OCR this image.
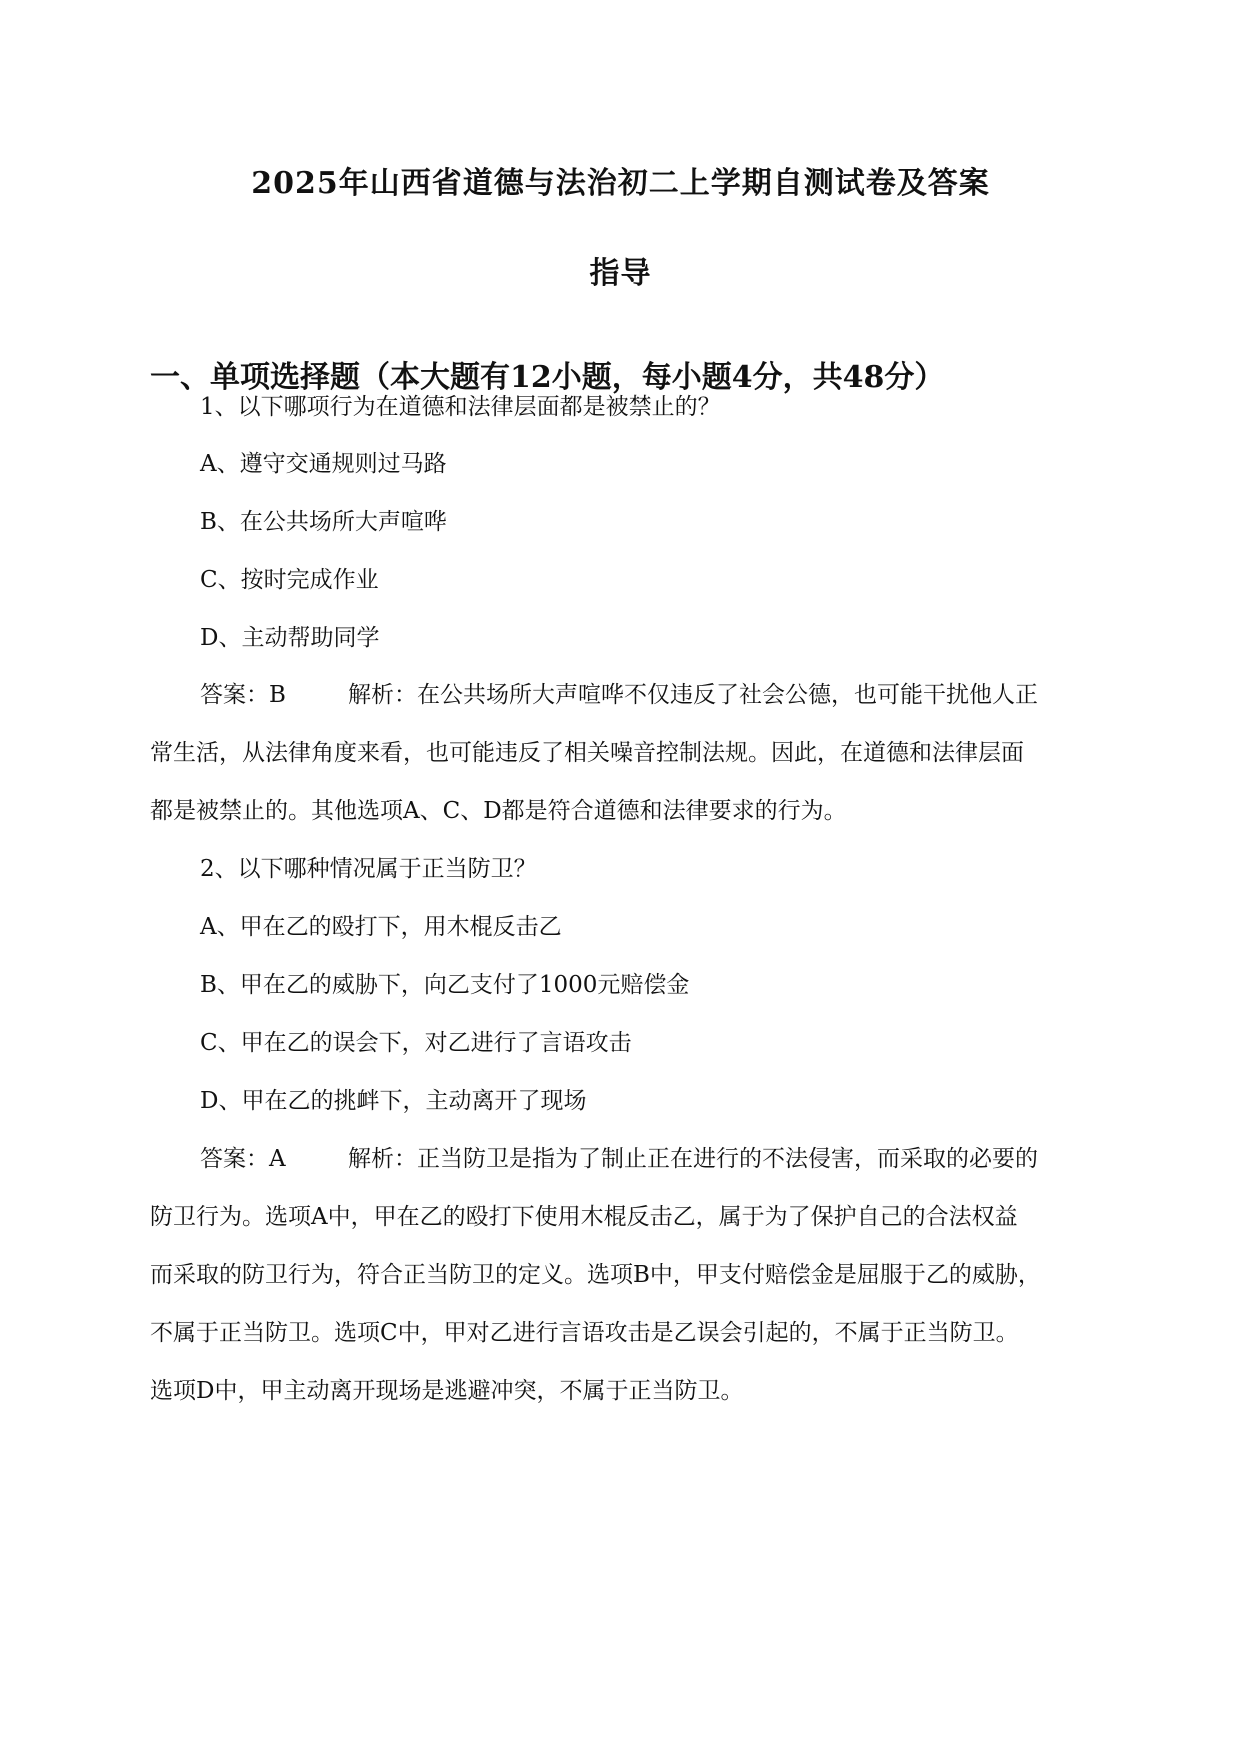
2025年山西省道德与法治初二上学期自测试卷及答案
指导
一、单项选择题（本大题有12小题，每小题4分，共48分）
1、以下哪项行为在道德和法律层面都是被禁止的？
A、遵守交通规则过马路
B、在公共场所大声喧哗
C、按时完成作业
D、主动帮助同学
答案：B	解析：在公共场所大声喧哗不仅违反了社会公德，也可能干扰他人正
常生活，从法律角度来看，也可能违反了相关噪音控制法规。因此，在道德和法律层面
都是被禁止的。其他选项A、C、D都是符合道德和法律要求的行为。
2、以下哪种情况属于正当防卫？
A、甲在乙的殴打下，用木棍反击乙
B、甲在乙的威胁下，向乙支付了1000元赔偿金
C、甲在乙的误会下，对乙进行了言语攻击
D、甲在乙的挑衅下，主动离开了现场
答案：A	解析：正当防卫是指为了制止正在进行的不法侵害，而采取的必要的
防卫行为。选项A中，甲在乙的殴打下使用木棍反击乙，属于为了保护自己的合法权益
而采取的防卫行为，符合正当防卫的定义。选项B中，甲支付赔偿金是屈服于乙的威胁，
不属于正当防卫。选项C中，甲对乙进行言语攻击是乙误会引起的，不属于正当防卫。
选项D中，甲主动离开现场是逃避冲突，不属于正当防卫。
